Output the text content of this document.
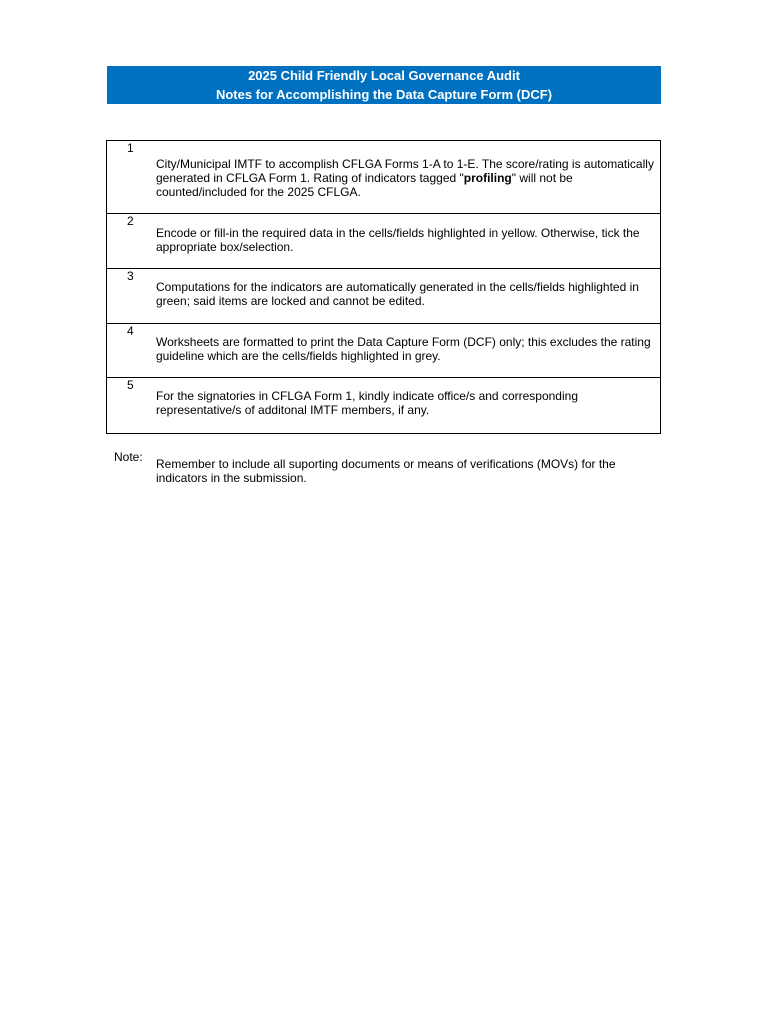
2025 Child Friendly Local Governance Audit
Notes for Accomplishing the Data Capture Form (DCF)
1
City/Municipal IMTF to accomplish CFLGA Forms 1-A to 1-E. The score/rating is automatically generated in CFLGA Form 1. Rating of indicators tagged "profiling" will not be counted/included for the 2025 CFLGA.
2
Encode or fill-in the required data in the cells/fields highlighted in yellow. Otherwise, tick the appropriate box/selection.
3
Computations for the indicators are automatically generated in the cells/fields highlighted in green; said items are locked and cannot be edited.
4
Worksheets are formatted to print the Data Capture Form (DCF) only; this excludes the rating guideline which are the cells/fields highlighted in grey.
5
For the signatories in CFLGA Form 1, kindly indicate office/s and corresponding representative/s of additonal IMTF members, if any.
Note: Remember to include all suporting documents or means of verifications (MOVs) for the indicators in the submission.
